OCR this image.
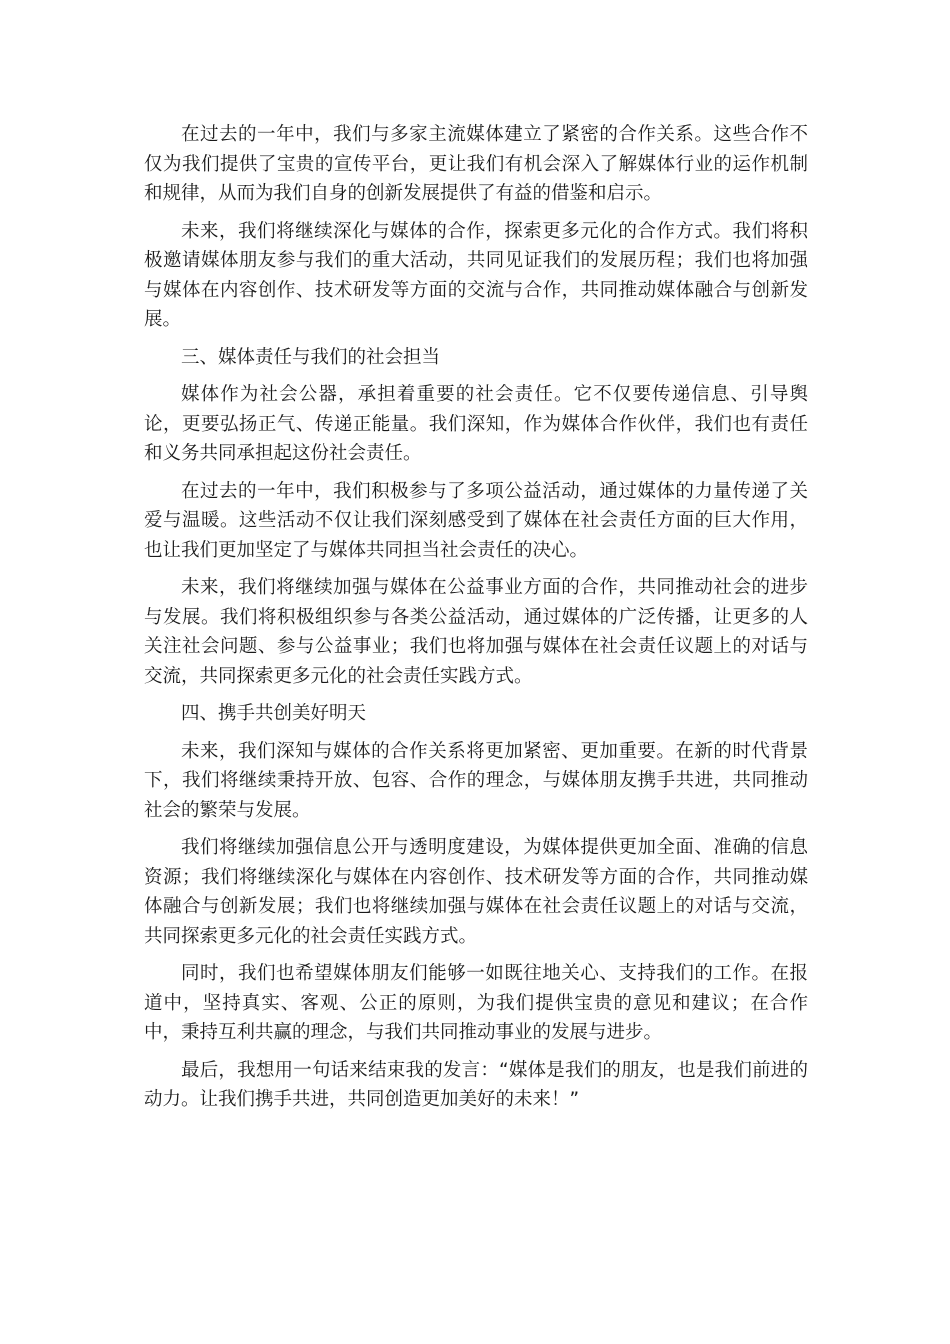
在过去的一年中，我们与多家主流媒体建立了紧密的合作关系。这些合作不仅为我们提供了宝贵的宣传平台，更让我们有机会深入了解媒体行业的运作机制和规律，从而为我们自身的创新发展提供了有益的借鉴和启示。

未来，我们将继续深化与媒体的合作，探索更多元化的合作方式。我们将积极邀请媒体朋友参与我们的重大活动，共同见证我们的发展历程；我们也将加强与媒体在内容创作、技术研发等方面的交流与合作，共同推动媒体融合与创新发展。

三、媒体责任与我们的社会担当

媒体作为社会公器，承担着重要的社会责任。它不仅要传递信息、引导舆论，更要弘扬正气、传递正能量。我们深知，作为媒体合作伙伴，我们也有责任和义务共同承担起这份社会责任。

在过去的一年中，我们积极参与了多项公益活动，通过媒体的力量传递了关爱与温暖。这些活动不仅让我们深刻感受到了媒体在社会责任方面的巨大作用，也让我们更加坚定了与媒体共同担当社会责任的决心。

未来，我们将继续加强与媒体在公益事业方面的合作，共同推动社会的进步与发展。我们将积极组织参与各类公益活动，通过媒体的广泛传播，让更多的人关注社会问题、参与公益事业；我们也将加强与媒体在社会责任议题上的对话与交流，共同探索更多元化的社会责任实践方式。

四、携手共创美好明天

未来，我们深知与媒体的合作关系将更加紧密、更加重要。在新的时代背景下，我们将继续秉持开放、包容、合作的理念，与媒体朋友携手共进，共同推动社会的繁荣与发展。

我们将继续加强信息公开与透明度建设，为媒体提供更加全面、准确的信息资源；我们将继续深化与媒体在内容创作、技术研发等方面的合作，共同推动媒体融合与创新发展；我们也将继续加强与媒体在社会责任议题上的对话与交流，共同探索更多元化的社会责任实践方式。

同时，我们也希望媒体朋友们能够一如既往地关心、支持我们的工作。在报道中，坚持真实、客观、公正的原则，为我们提供宝贵的意见和建议；在合作中，秉持互利共赢的理念，与我们共同推动事业的发展与进步。

最后，我想用一句话来结束我的发言：“媒体是我们的朋友，也是我们前进的动力。让我们携手共进，共同创造更加美好的未来！”
